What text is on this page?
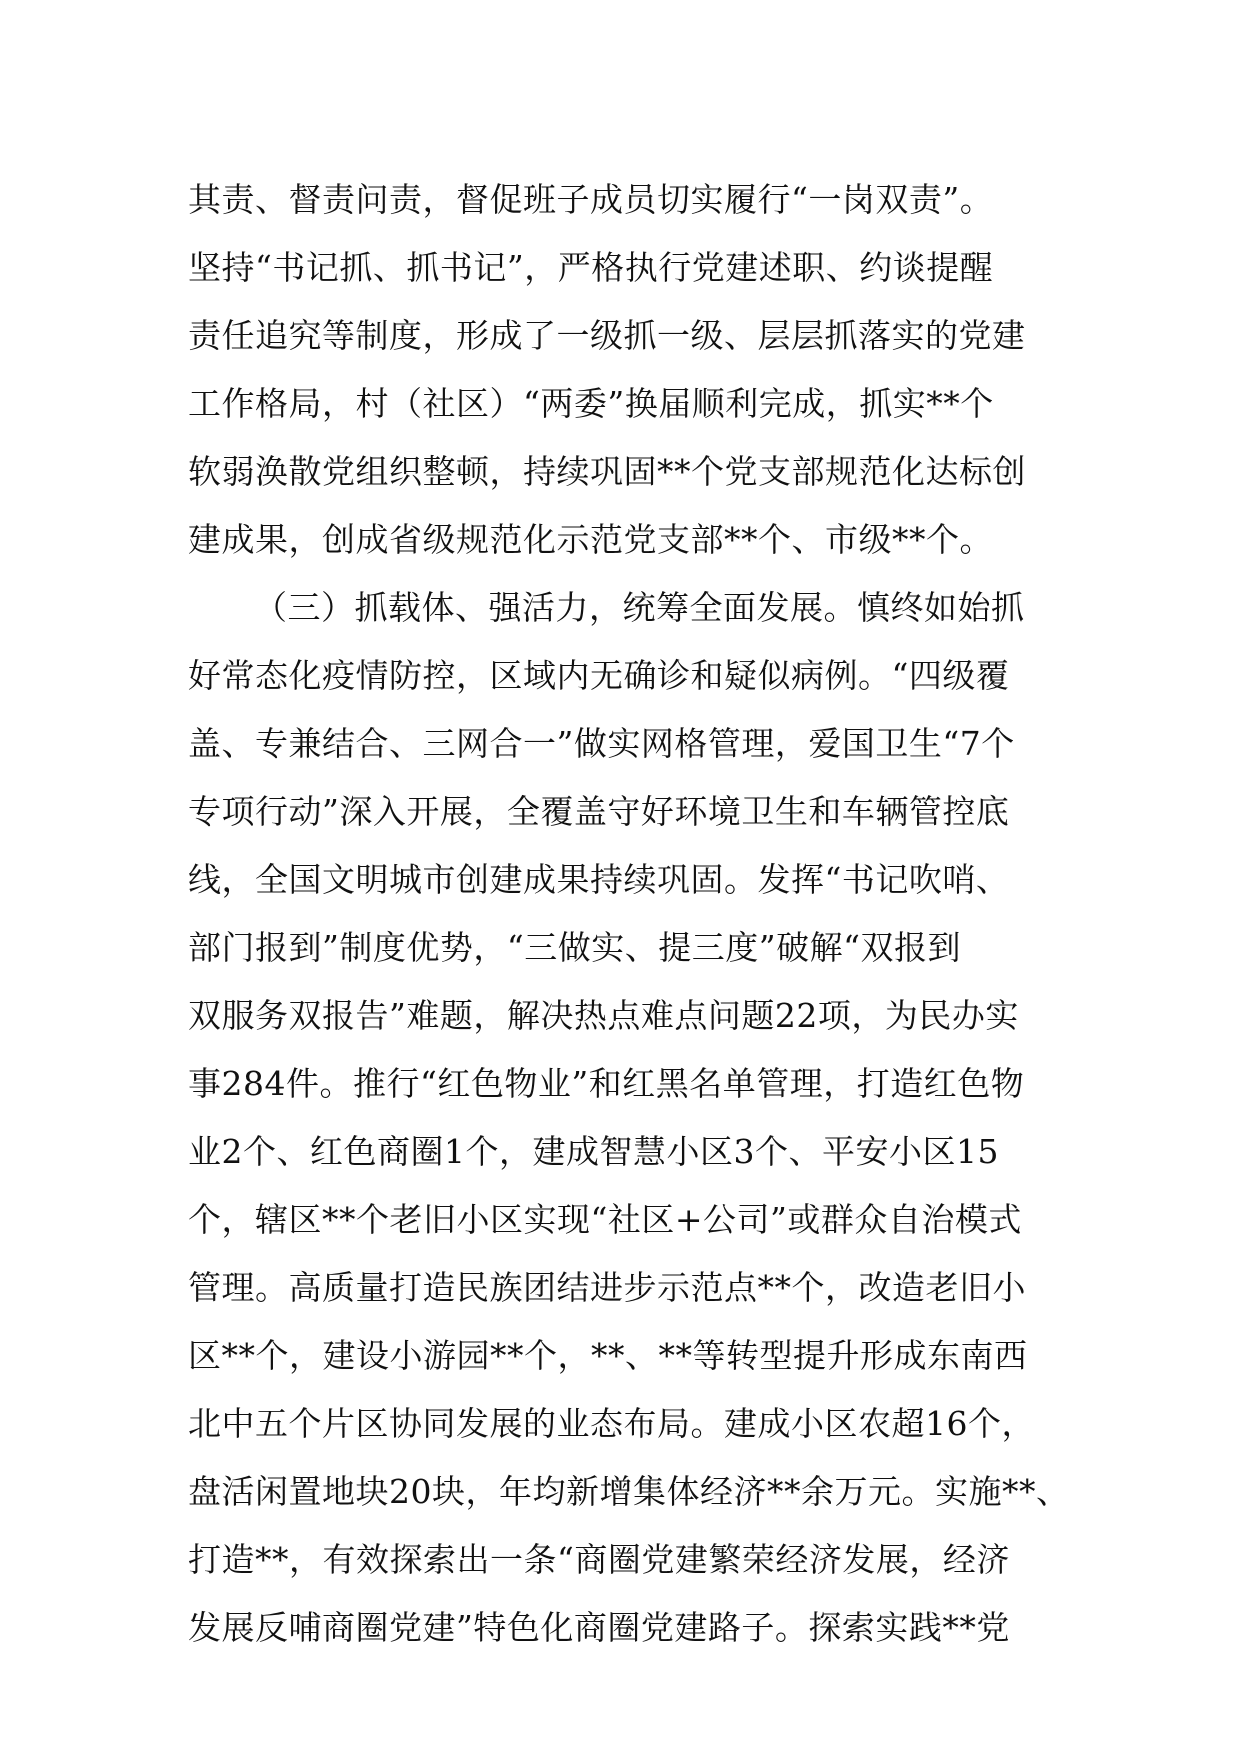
其责、督责问责，督促班子成员切实履行“一岗双责”。
坚持“书记抓、抓书记”，严格执行党建述职、约谈提醒
责任追究等制度，形成了一级抓一级、层层抓落实的党建
工作格局，村（社区）“两委”换届顺利完成，抓实**个
软弱涣散党组织整顿，持续巩固**个党支部规范化达标创
建成果，创成省级规范化示范党支部**个、市级**个。
（三）抓载体、强活力，统筹全面发展。慎终如始抓
好常态化疫情防控，区域内无确诊和疑似病例。“四级覆
盖、专兼结合、三网合一”做实网格管理，爱国卫生“7个
专项行动”深入开展，全覆盖守好环境卫生和车辆管控底
线，全国文明城市创建成果持续巩固。发挥“书记吹哨、
部门报到”制度优势，“三做实、提三度”破解“双报到
双服务双报告”难题，解决热点难点问题22项，为民办实
事284件。推行“红色物业”和红黑名单管理，打造红色物
业2个、红色商圈1个，建成智慧小区3个、平安小区15
个，辖区**个老旧小区实现“社区+公司”或群众自治模式
管理。高质量打造民族团结进步示范点**个，改造老旧小
区**个，建设小游园**个，**、**等转型提升形成东南西
北中五个片区协同发展的业态布局。建成小区农超16个，
盘活闲置地块20块，年均新增集体经济**余万元。实施**、
打造**，有效探索出一条“商圈党建繁荣经济发展，经济
发展反哺商圈党建”特色化商圈党建路子。探索实践**党
